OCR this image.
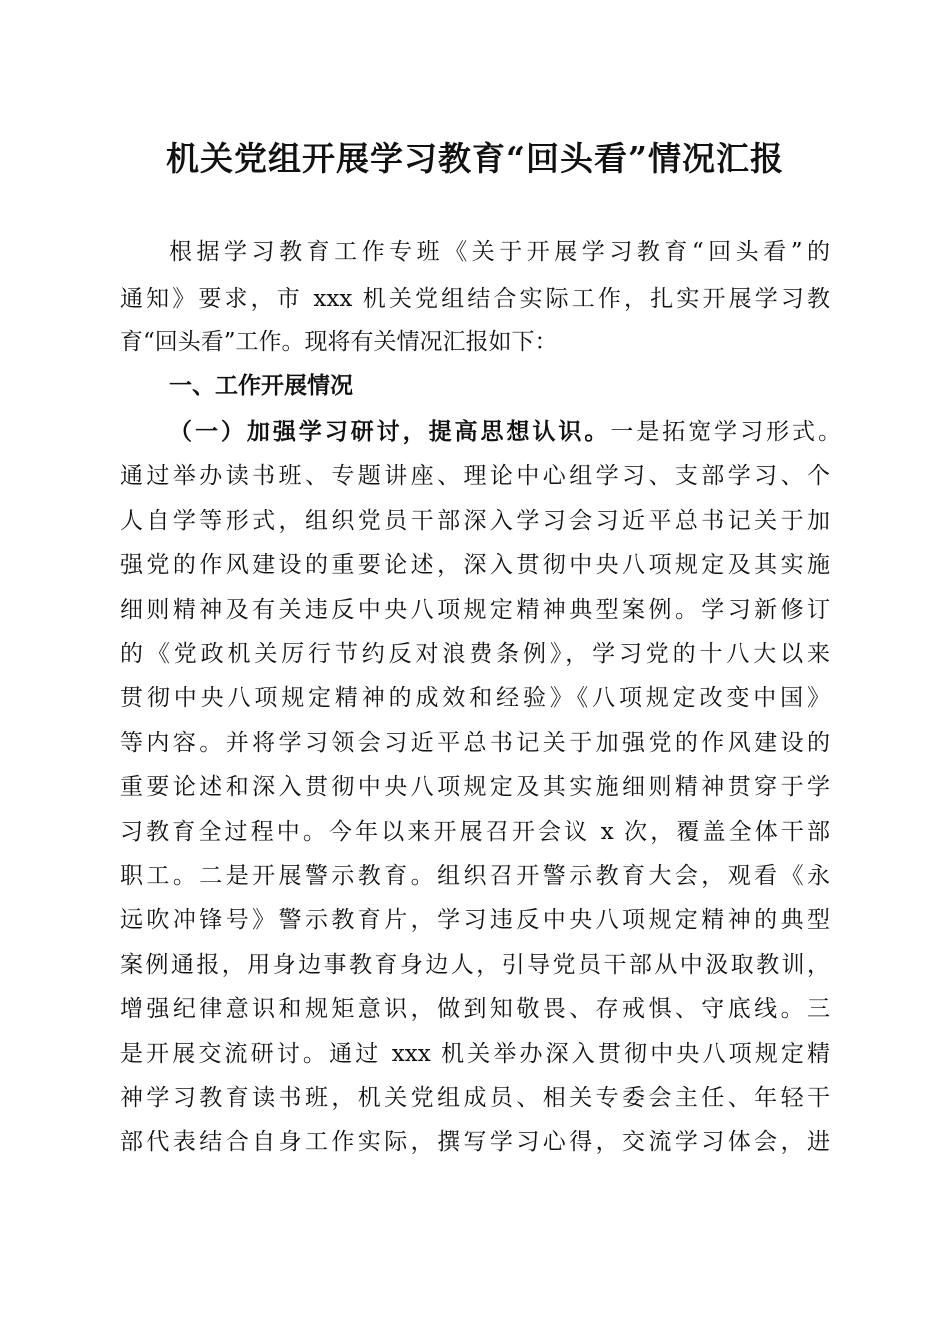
机关党组开展学习教育“回头看”情况汇报
根据学习教育工作专班《关于开展学习教育“回头看”的
通知》要求，市 xxx 机关党组结合实际工作，扎实开展学习教
育“回头看”工作。现将有关情况汇报如下：
一、工作开展情况
（一）加强学习研讨，提高思想认识。一是拓宽学习形式。
通过举办读书班、专题讲座、理论中心组学习、支部学习、个
人自学等形式，组织党员干部深入学习会习近平总书记关于加
强党的作风建设的重要论述，深入贯彻中央八项规定及其实施
细则精神及有关违反中央八项规定精神典型案例。学习新修订
的《党政机关厉行节约反对浪费条例》，学习党的十八大以来
贯彻中央八项规定精神的成效和经验》《八项规定改变中国》
等内容。并将学习领会习近平总书记关于加强党的作风建设的
重要论述和深入贯彻中央八项规定及其实施细则精神贯穿于学
习教育全过程中。今年以来开展召开会议 x 次，覆盖全体干部
职工。二是开展警示教育。组织召开警示教育大会，观看《永
远吹冲锋号》警示教育片，学习违反中央八项规定精神的典型
案例通报，用身边事教育身边人，引导党员干部从中汲取教训，
增强纪律意识和规矩意识，做到知敬畏、存戒惧、守底线。三
是开展交流研讨。通过 xxx 机关举办深入贯彻中央八项规定精
神学习教育读书班，机关党组成员、相关专委会主任、年轻干
部代表结合自身工作实际，撰写学习心得，交流学习体会，进
